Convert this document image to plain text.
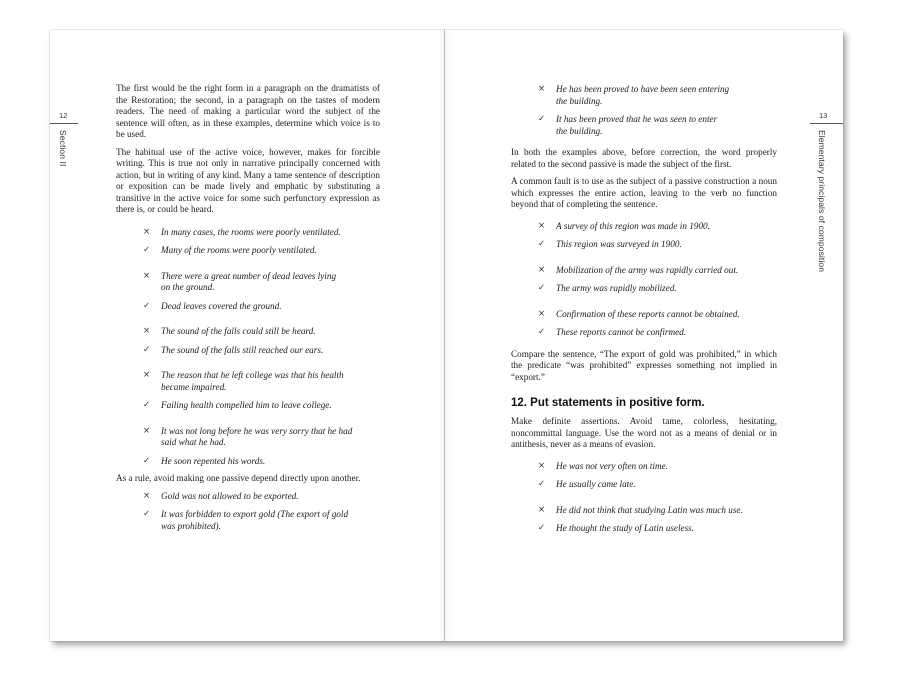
12
Section II

The first would be the right form in a paragraph on the dramatists of the Restoration; the second, in a paragraph on the tastes of modern readers. The need of making a particular word the subject of the sentence will often, as in these examples, determine which voice is to be used.

The habitual use of the active voice, however, makes for forcible writing. This is true not only in narrative principally concerned with action, but in writing of any kind. Many a tame sentence of description or exposition can be made lively and emphatic by substituting a transitive in the active voice for some such perfunctory expression as there is, or could be heard.

× In many cases, the rooms were poorly ventilated.
✓ Many of the rooms were poorly ventilated.
× There were a great number of dead leaves lying
on the ground.
✓ Dead leaves covered the ground.
× The sound of the falls could still be heard.
✓ The sound of the falls still reached our ears.
× The reason that he left college was that his health
became impaired.
✓ Failing health compelled him to leave college.
× It was not long before he was very sorry that he had
said what he had.
✓ He soon repented his words.

As a rule, avoid making one passive depend directly upon another.

× Gold was not allowed to be exported.
✓ It was forbidden to export gold (The export of gold
was prohibited).
13
Elementary principals of composition
× He has been proved to have been seen entering
the building.
✓ It has been proved that he was seen to enter
the building.

In both the examples above, before correction, the word properly related to the second passive is made the subject of the first.

A common fault is to use as the subject of a passive construction a noun which expresses the entire action, leaving to the verb no function beyond that of completing the sentence.

× A survey of this region was made in 1900.
✓ This region was surveyed in 1900.
× Mobilization of the army was rapidly carried out.
✓ The army was rapidly mobilized.
× Confirmation of these reports cannot be obtained.
✓ These reports cannot be confirmed.

Compare the sentence, “The export of gold was prohibited,” in which the predicate “was prohibited” expresses something not implied in “export.”

12. Put statements in positive form.

Make definite assertions. Avoid tame, colorless, hesitating, noncommittal language. Use the word not as a means of denial or in antithesis, never as a means of evasion.

× He was not very often on time.
✓ He usually came late.
× He did not think that studying Latin was much use.
✓ He thought the study of Latin useless.
